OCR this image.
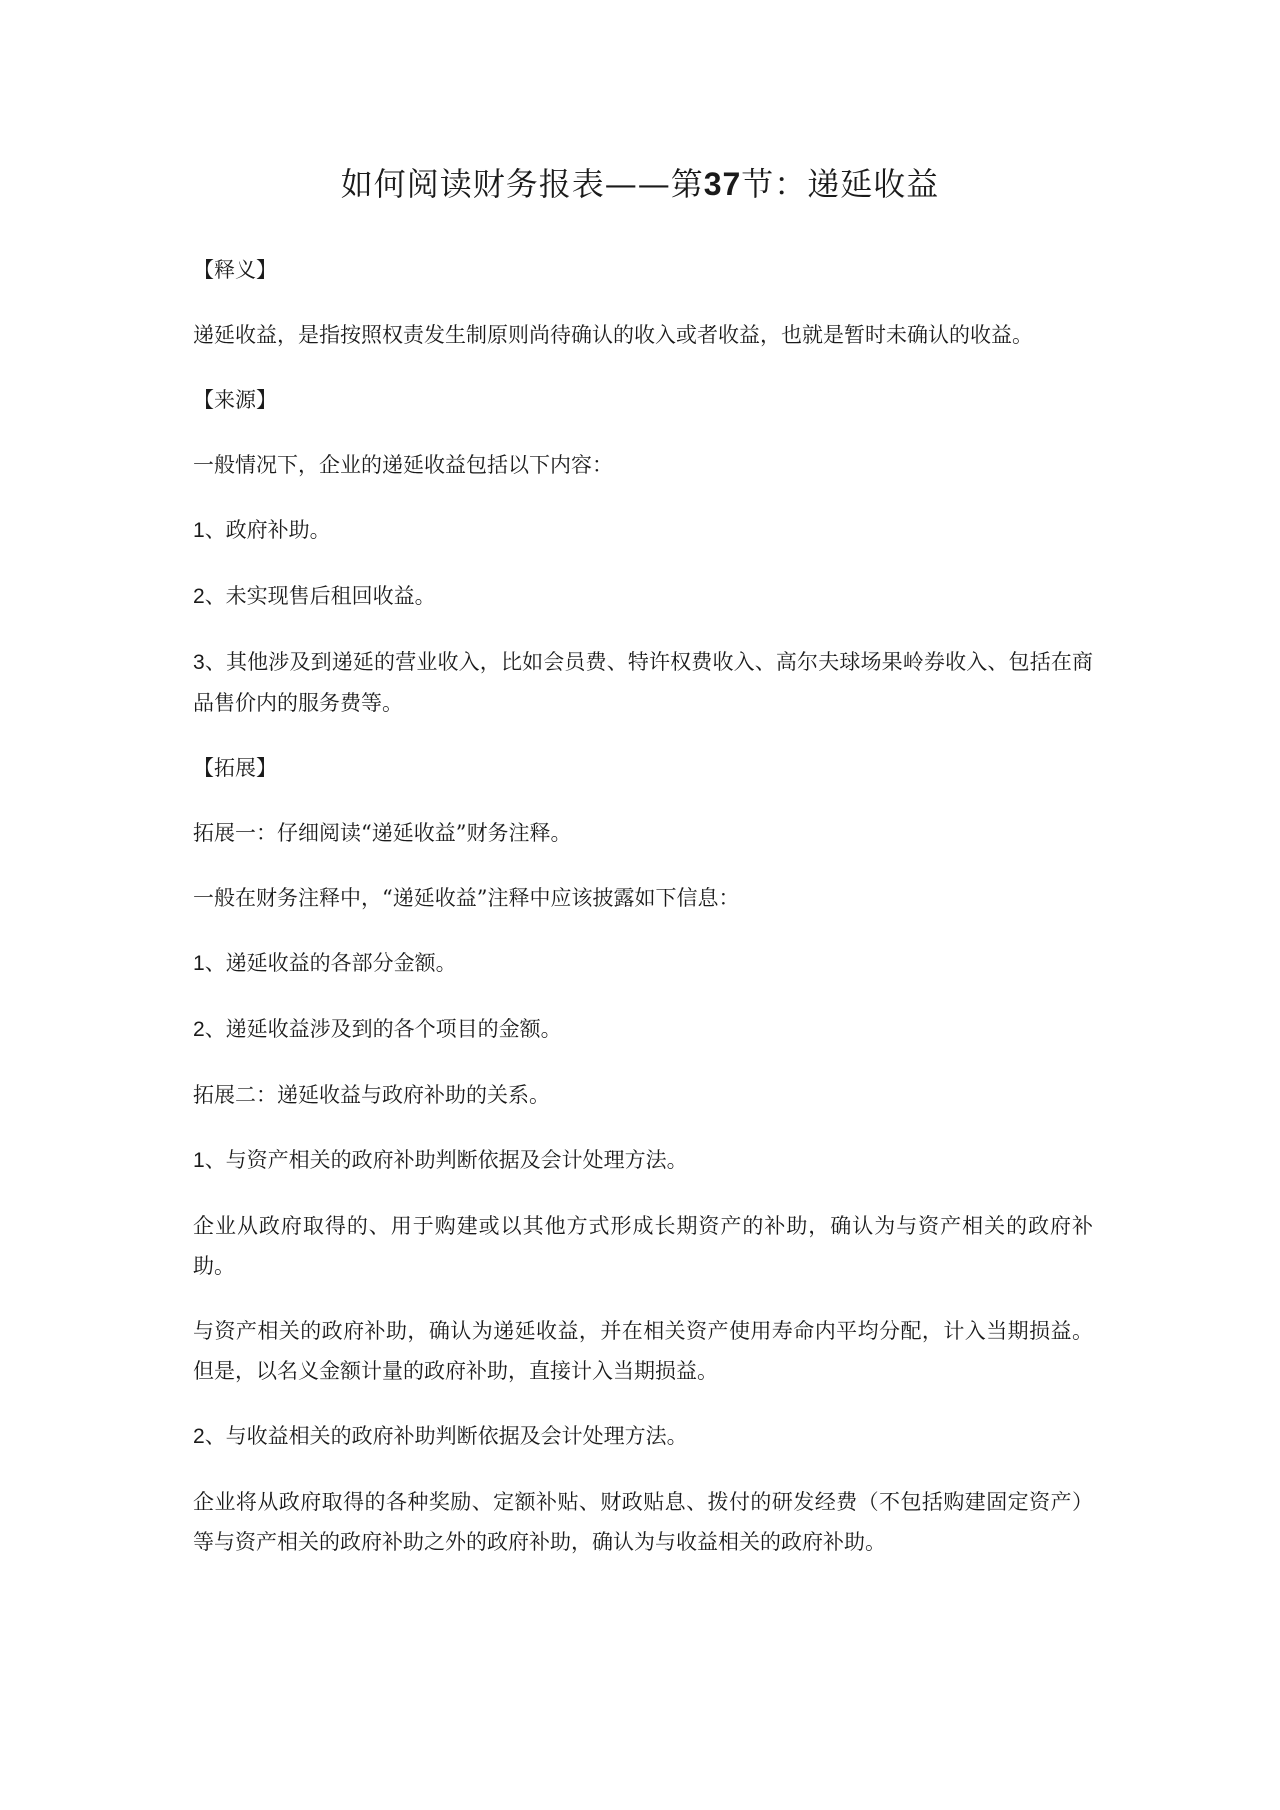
如何阅读财务报表——第37节：递延收益

【释义】

递延收益，是指按照权责发生制原则尚待确认的收入或者收益，也就是暂时未确认的收益。

【来源】

一般情况下，企业的递延收益包括以下内容：

1、政府补助。

2、未实现售后租回收益。

3、其他涉及到递延的营业收入，比如会员费、特许权费收入、高尔夫球场果岭券收入、包括在商品售价内的服务费等。

【拓展】

拓展一：仔细阅读“递延收益”财务注释。

一般在财务注释中，“递延收益”注释中应该披露如下信息：

1、递延收益的各部分金额。

2、递延收益涉及到的各个项目的金额。

拓展二：递延收益与政府补助的关系。

1、与资产相关的政府补助判断依据及会计处理方法。

企业从政府取得的、用于购建或以其他方式形成长期资产的补助，确认为与资产相关的政府补助。

与资产相关的政府补助，确认为递延收益，并在相关资产使用寿命内平均分配，计入当期损益。但是，以名义金额计量的政府补助，直接计入当期损益。

2、与收益相关的政府补助判断依据及会计处理方法。

企业将从政府取得的各种奖励、定额补贴、财政贴息、拨付的研发经费（不包括购建固定资产）等与资产相关的政府补助之外的政府补助，确认为与收益相关的政府补助。
